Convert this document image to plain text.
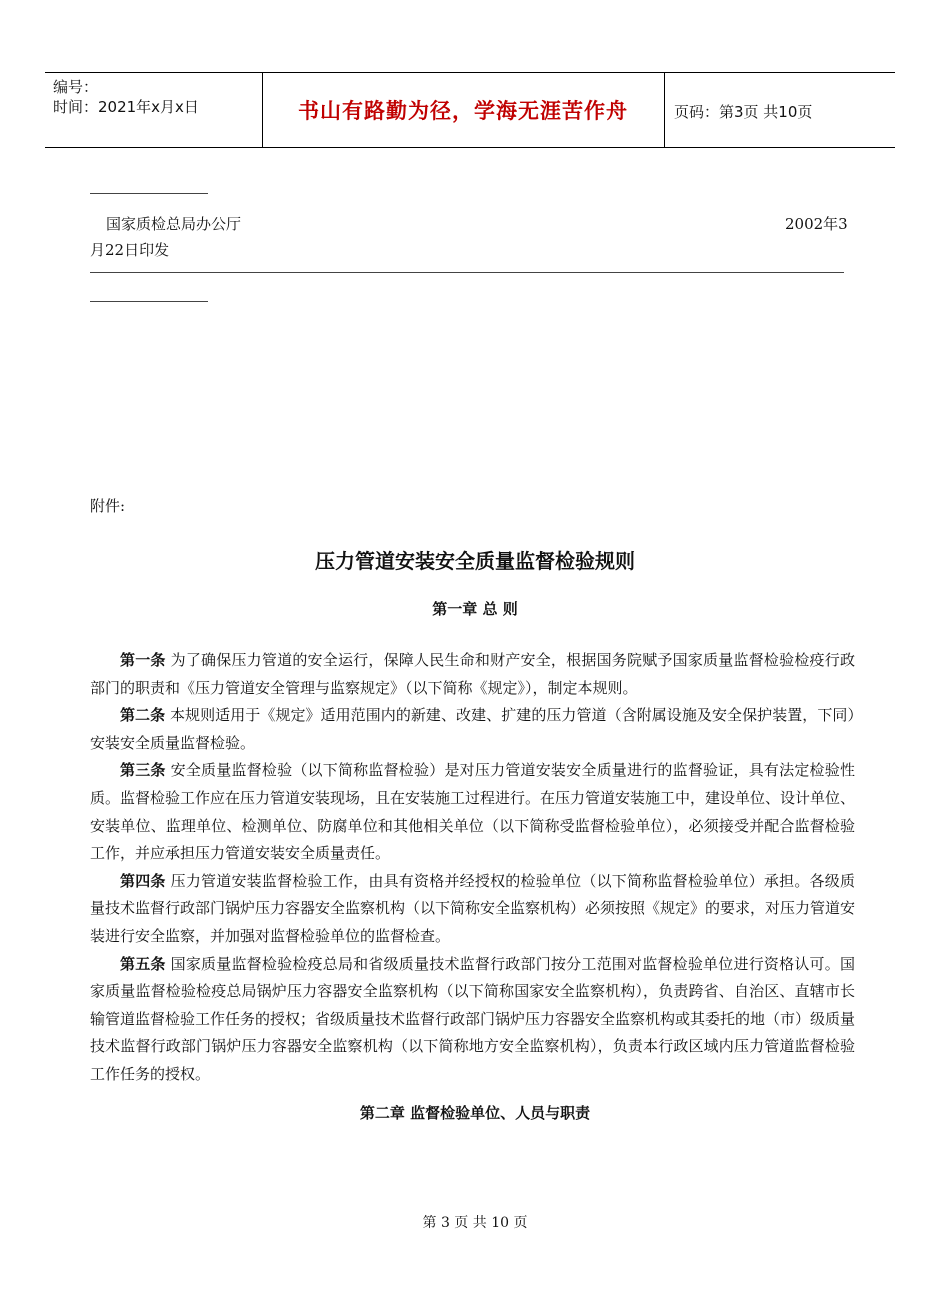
编号：
时间：2021年x月x日	书山有路勤为径，学海无涯苦作舟	页码：第3页 共10页
国家质检总局办公厅	2002年3
月22日印发
附件:
压力管道安装安全质量监督检验规则
第一章 总 则

第一条 为了确保压力管道的安全运行，保障人民生命和财产安全，根据国务院赋予国家质量监督检验检疫行政部门的职责和《压力管道安全管理与监察规定》（以下简称《规定》），制定本规则。

第二条 本规则适用于《规定》适用范围内的新建、改建、扩建的压力管道（含附属设施及安全保护装置，下同）安装安全质量监督检验。

第三条 安全质量监督检验（以下简称监督检验）是对压力管道安装安全质量进行的监督验证，具有法定检验性质。监督检验工作应在压力管道安装现场，且在安装施工过程进行。在压力管道安装施工中，建设单位、设计单位、安装单位、监理单位、检测单位、防腐单位和其他相关单位（以下简称受监督检验单位），必须接受并配合监督检验工作，并应承担压力管道安装安全质量责任。

第四条 压力管道安装监督检验工作，由具有资格并经授权的检验单位（以下简称监督检验单位）承担。各级质量技术监督行政部门锅炉压力容器安全监察机构（以下简称安全监察机构）必须按照《规定》的要求，对压力管道安装进行安全监察，并加强对监督检验单位的监督检查。

第五条 国家质量监督检验检疫总局和省级质量技术监督行政部门按分工范围对监督检验单位进行资格认可。国家质量监督检验检疫总局锅炉压力容器安全监察机构（以下简称国家安全监察机构），负责跨省、自治区、直辖市长输管道监督检验工作任务的授权；省级质量技术监督行政部门锅炉压力容器安全监察机构或其委托的地（市）级质量技术监督行政部门锅炉压力容器安全监察机构（以下简称地方安全监察机构），负责本行政区域内压力管道监督检验工作任务的授权。

第二章 监督检验单位、人员与职责
第 3 页 共 10 页
